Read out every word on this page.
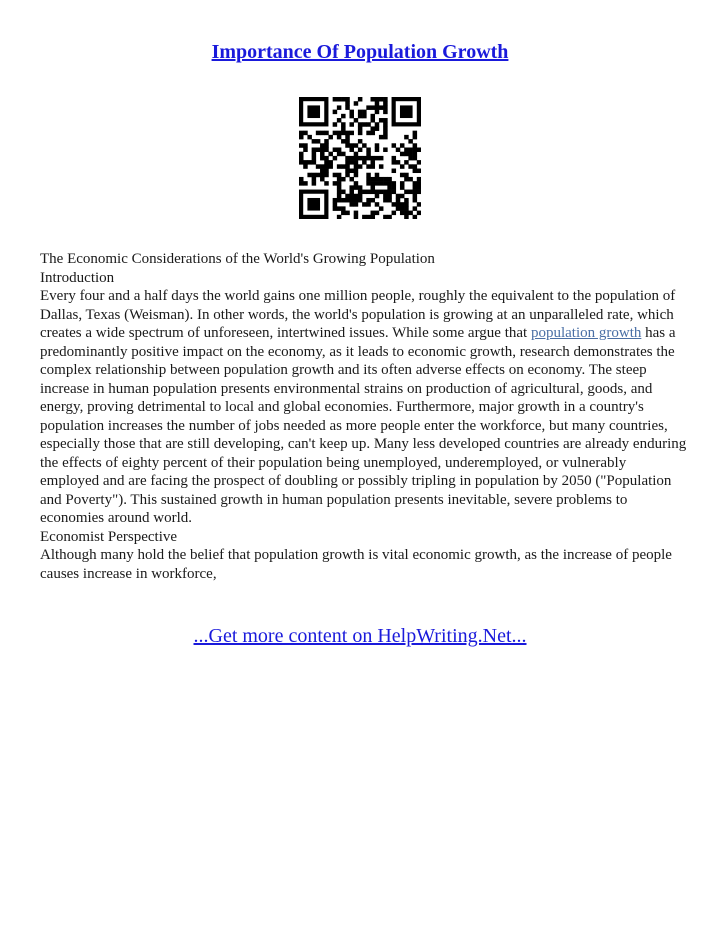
Importance Of Population Growth

The Economic Considerations of the World's Growing Population

Introduction

Every four and a half days the world gains one million people, roughly the equivalent to the population of Dallas, Texas (Weisman). In other words, the world's population is growing at an unparalleled rate, which creates a wide spectrum of unforeseen, intertwined issues. While some argue that population growth has a predominantly positive impact on the economy, as it leads to economic growth, research demonstrates the complex relationship between population growth and its often adverse effects on economy. The steep increase in human population presents environmental strains on production of agricultural, goods, and energy, proving detrimental to local and global economies. Furthermore, major growth in a country's population increases the number of jobs needed as more people enter the workforce, but many countries, especially those that are still developing, can't keep up. Many less developed countries are already enduring the effects of eighty percent of their population being unemployed, underemployed, or vulnerably employed and are facing the prospect of doubling or possibly tripling in population by 2050 ("Population and Poverty"). This sustained growth in human population presents inevitable, severe problems to economies around world.

Economist Perspective

Although many hold the belief that population growth is vital economic growth, as the increase of people causes increase in workforce,

...Get more content on HelpWriting.Net...
